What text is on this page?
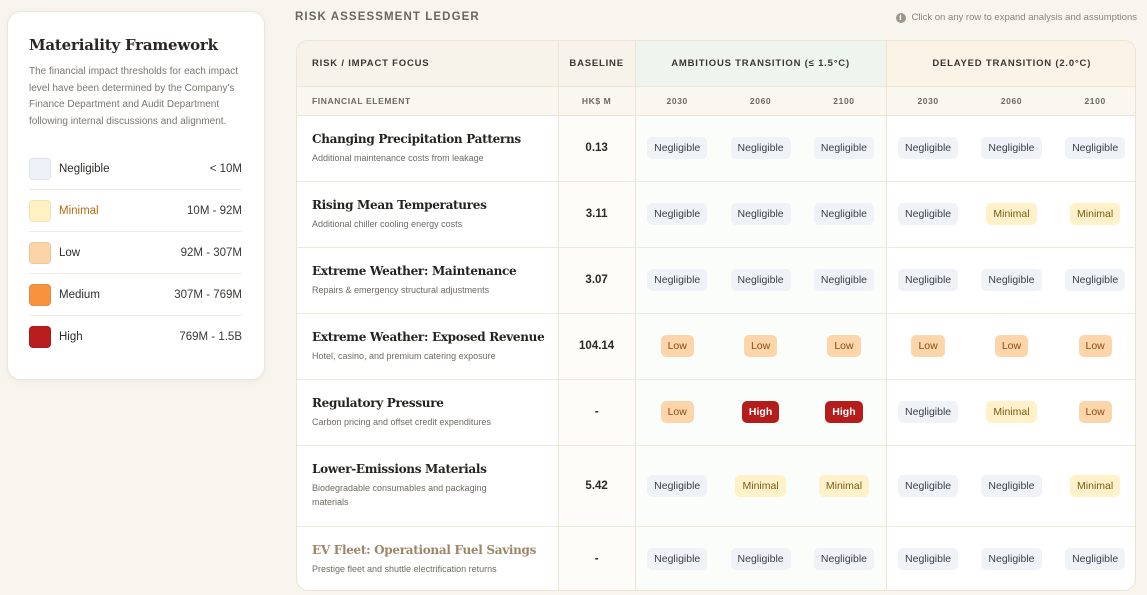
Materiality Framework
The financial impact thresholds for each impact level have been determined by the Company's Finance Department and Audit Department following internal discussions and alignment.
Negligible	< 10M
Minimal	10M - 92M
Low	92M - 307M
Medium	307M - 769M
High	769M - 1.5B
RISK ASSESSMENT LEDGER	i	Click on any row to expand analysis and assumptions
RISK / IMPACT FOCUS	BASELINE	AMBITIOUS TRANSITION (≤ 1.5°C)			DELAYED TRANSITION (2.0°C)		
FINANCIAL ELEMENT	HK$ M	2030	2060	2100	2030	2060	2100

Changing Precipitation Patterns
Additional maintenance costs from leakage	0.13	Negligible	Negligible	Negligible	Negligible	Negligible	Negligible

Rising Mean Temperatures
Additional chiller cooling energy costs	3.11	Negligible	Negligible	Negligible	Negligible	Minimal	Minimal

Extreme Weather: Maintenance
Repairs & emergency structural adjustments	3.07	Negligible	Negligible	Negligible	Negligible	Negligible	Negligible

Extreme Weather: Exposed Revenue
Hotel, casino, and premium catering exposure	104.14	Low	Low	Low	Low	Low	Low

Regulatory Pressure
Carbon pricing and offset credit expenditures	-	Low	High	High	Negligible	Minimal	Low

Lower-Emissions Materials
Biodegradable consumables and packaging materials	5.42	Negligible	Minimal	Minimal	Negligible	Negligible	Minimal

EV Fleet: Operational Fuel Savings
Prestige fleet and shuttle electrification returns	-	Negligible	Negligible	Negligible	Negligible	Negligible	Negligible
